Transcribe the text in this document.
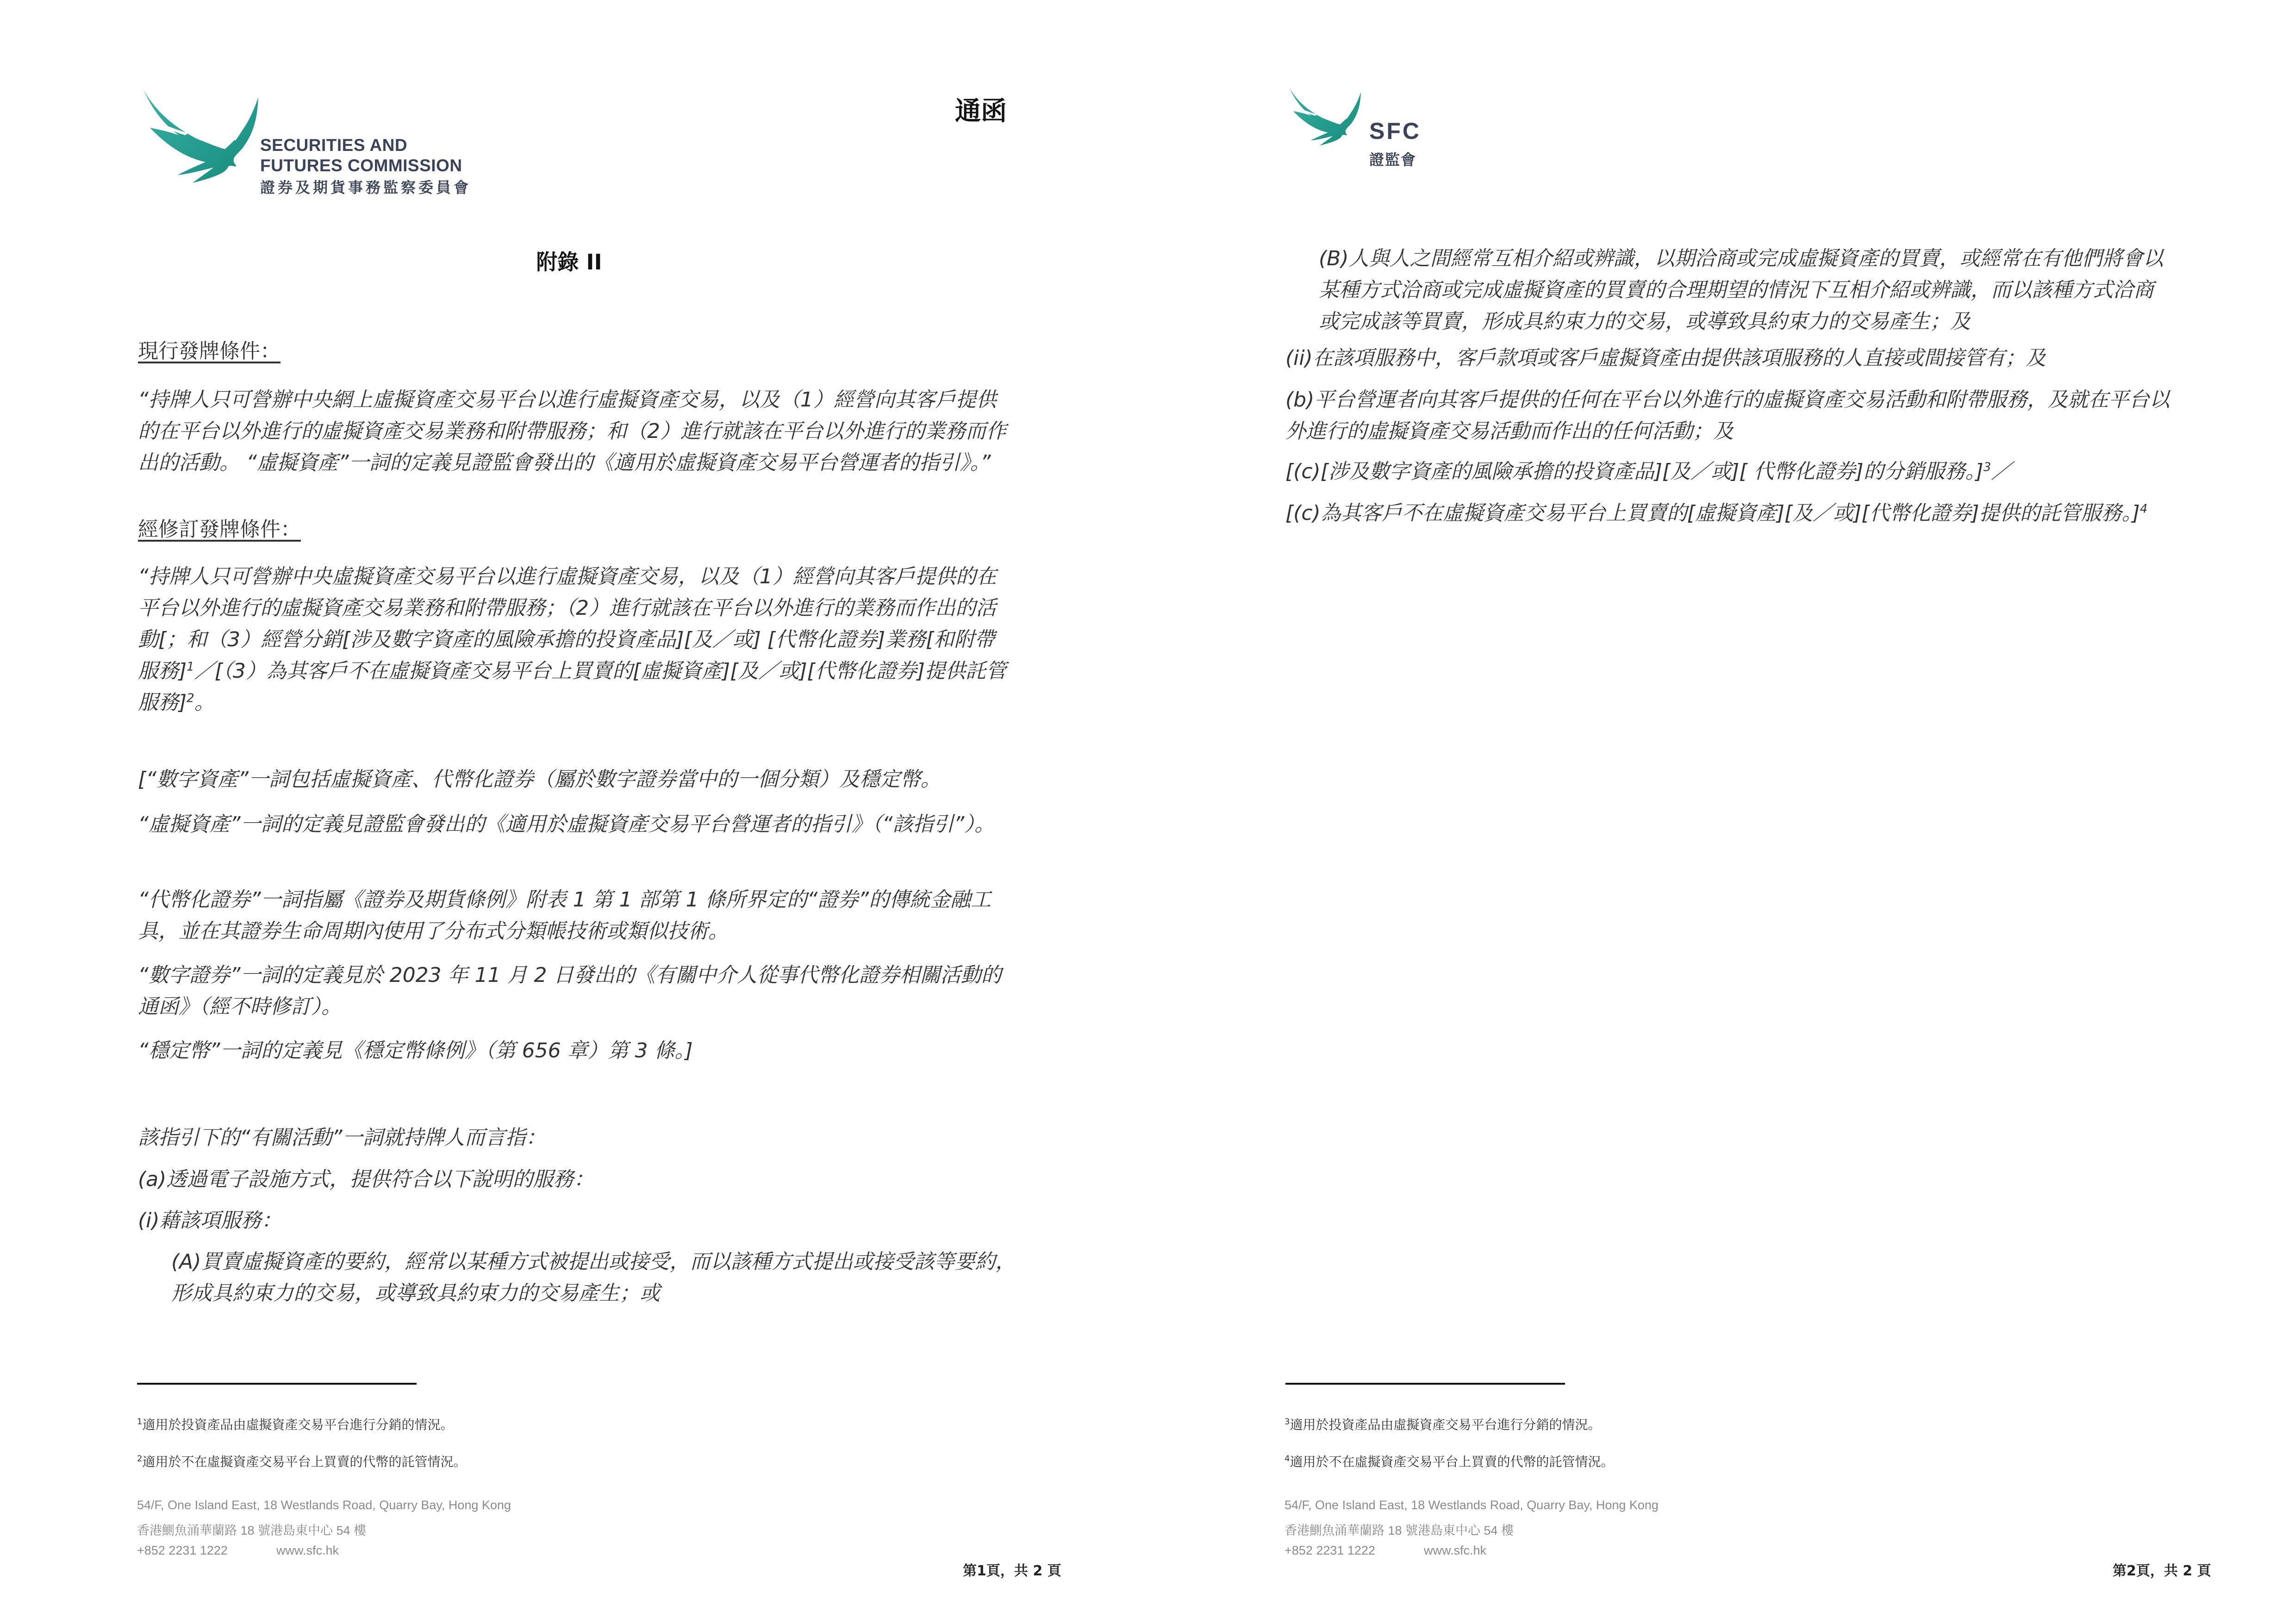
SECURITIES AND
FUTURES COMMISSION
證券及期貨事務監察委員會
通函
附錄 II
現行發牌條件：
“持牌人只可營辦中央網上虛擬資產交易平台以進行虛擬資產交易，以及（1）經營向其客戶提供的在平台以外進行的虛擬資產交易業務和附帶服務；和（2）進行就該在平台以外進行的業務而作出的活動。 “虛擬資產”一詞的定義見證監會發出的《適用於虛擬資產交易平台營運者的指引》。”
經修訂發牌條件：
“持牌人只可營辦中央虛擬資產交易平台以進行虛擬資產交易，以及（1）經營向其客戶提供的在平台以外進行的虛擬資產交易業務和附帶服務；（2）進行就該在平台以外進行的業務而作出的活動[；和（3）經營分銷[涉及數字資產的風險承擔的投資產品][及／或] [代幣化證券]業務[和附帶服務]$^1$／[（3）為其客戶不在虛擬資產交易平台上買賣的[虛擬資產][及／或][代幣化證券]提供託管服務]$^2$。
[“數字資產”一詞包括虛擬資產、代幣化證券（屬於數字證券當中的一個分類）及穩定幣。
“虛擬資產”一詞的定義見證監會發出的《適用於虛擬資產交易平台營運者的指引》（“該指引”）。
“代幣化證券”一詞指屬《證券及期貨條例》附表 1 第 1 部第 1 條所界定的“證券”的傳統金融工具，並在其證券生命周期內使用了分布式分類帳技術或類似技術。
“數字證券”一詞的定義見於 2023 年 11 月 2 日發出的《有關中介人從事代幣化證券相關活動的通函》（經不時修訂）。
“穩定幣”一詞的定義見《穩定幣條例》（第 656 章）第 3 條。]
該指引下的“有關活動”一詞就持牌人而言指：
(a)透過電子設施方式，提供符合以下說明的服務：
(i)藉該項服務：
(A)買賣虛擬資產的要約，經常以某種方式被提出或接受，而以該種方式提出或接受該等要約，形成具約束力的交易，或導致具約束力的交易產生；或
$^1$適用於投資產品由虛擬資產交易平台進行分銷的情況。
$^2$適用於不在虛擬資產交易平台上買賣的代幣的託管情況。
54/F, One Island East, 18 Westlands Road, Quarry Bay, Hong Kong
香港鰂魚涌華蘭路 18 號港島東中心 54 樓
+852 2231 1222	www.sfc.hk
第1頁，共 2 頁
SFC
證監會
(B)人與人之間經常互相介紹或辨識，以期洽商或完成虛擬資產的買賣，或經常在有他們將會以某種方式洽商或完成虛擬資產的買賣的合理期望的情況下互相介紹或辨識，而以該種方式洽商或完成該等買賣，形成具約束力的交易，或導致具約束力的交易產生；及
(ii)在該項服務中，客戶款項或客戶虛擬資產由提供該項服務的人直接或間接管有；及
(b)平台營運者向其客戶提供的任何在平台以外進行的虛擬資產交易活動和附帶服務，及就在平台以外進行的虛擬資產交易活動而作出的任何活動；及
[(c)[涉及數字資產的風險承擔的投資產品][及／或][ 代幣化證券]的分銷服務。]$^3$／
[(c)為其客戶不在虛擬資產交易平台上買賣的[虛擬資產][及／或][代幣化證券]提供的託管服務。]$^4$
$^3$適用於投資產品由虛擬資產交易平台進行分銷的情況。
$^4$適用於不在虛擬資產交易平台上買賣的代幣的託管情況。
54/F, One Island East, 18 Westlands Road, Quarry Bay, Hong Kong
香港鰂魚涌華蘭路 18 號港島東中心 54 樓
+852 2231 1222	www.sfc.hk
第2頁，共 2 頁
